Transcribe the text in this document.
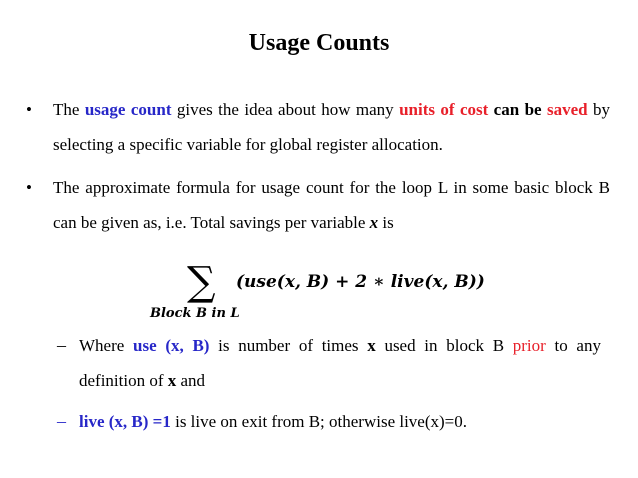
Usage Counts
• The usage count gives the idea about how many units of cost can be saved by selecting a specific variable for global register allocation.
• The approximate formula for usage count for the loop L in some basic block B can be given as, i.e. Total savings per variable x is
∑
Block B in L
(use(x, B) + 2 ∗ live(x, B))
– Where use (x, B) is number of times x used in block B prior to any definition of x and
– live (x, B) =1 is live on exit from B; otherwise live(x)=0.
